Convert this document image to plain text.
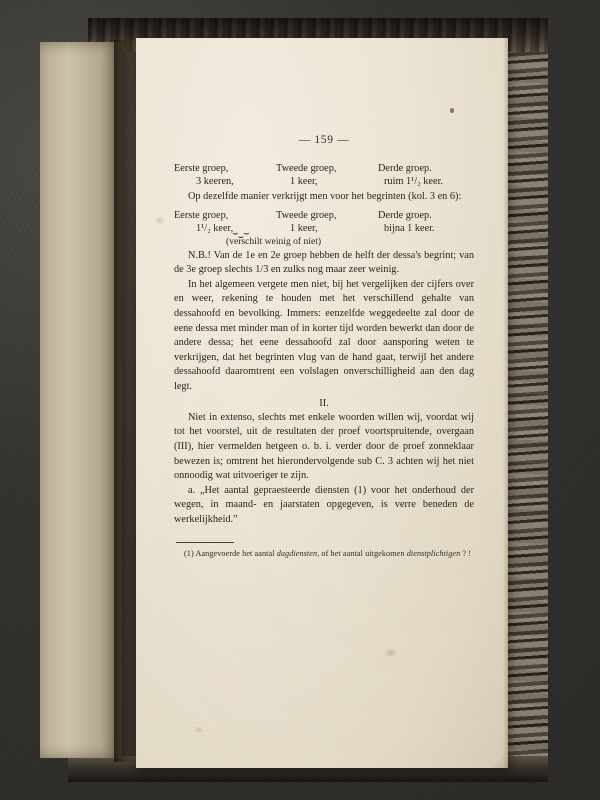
— 159 —
Eerste groep,	Tweede groep,	Derde groep.
3 keeren,	1 keer,	ruim 1¹/₂ keer.

Op dezelfde manier verkrijgt men voor het begrinten (kol. 3 en 6):

Eerste groep,	Tweede groep,	Derde groep.
1¹/₂ keer,	1 keer,	bijna 1 keer.
⌣‿⌣
(verschilt weinig of niet)

N.B.! Van de 1e en 2e groep hebben de helft der dessa's begrint; van de 3e groep slechts 1/3 en zulks nog maar zeer weinig.

In het algemeen vergete men niet, bij het vergelijken der cijfers over en weer, rekening te houden met het verschillend gehalte van dessahoofd en bevolking. Immers: eenzelfde weggedeelte zal door de eene dessa met minder man of in korter tijd worden bewerkt dan door de andere dessa; het eene dessahoofd zal door aansporing weten te verkrijgen, dat het begrinten vlug van de hand gaat, terwijl het andere dessahoofd daaromtrent een volslagen onverschilligheid aan den dag legt.

II.

Niet in extenso, slechts met enkele woorden willen wij, voordat wij tot het voorstel, uit de resultaten der proef voortspruitende, overgaan (III), hier vermelden hetgeen o. b. i. verder door de proef zonneklaar bewezen is; omtrent het hierondervolgende sub C. 3 achten wij het niet onnoodig wat uitvoeriger te zijn.

a. „Het aantal gepraesteerde diensten (1) voor het onderhoud der wegen, in maand- en jaarstaten opgegeven, is verre beneden de werkelijkheid.”

(1) Aangevoerde het aantal dagdiensten, of het aantal uitgekomen dienstplichtigen ? !
